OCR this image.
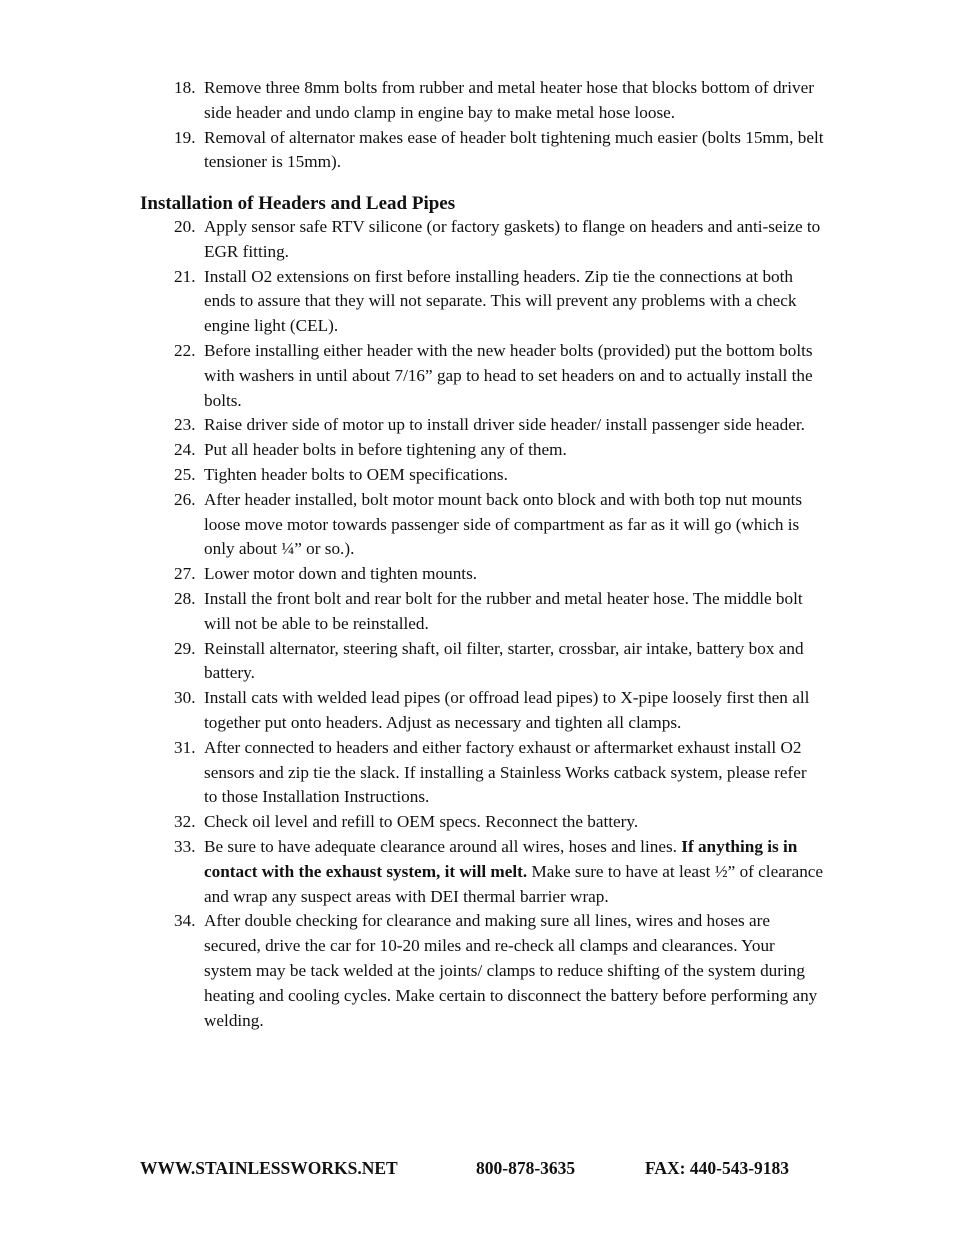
18. Remove three 8mm bolts from rubber and metal heater hose that blocks bottom of driver side header and undo clamp in engine bay to make metal hose loose.
19. Removal of alternator makes ease of header bolt tightening much easier (bolts 15mm, belt tensioner is 15mm).
Installation of Headers and Lead Pipes
20. Apply sensor safe RTV silicone (or factory gaskets) to flange on headers and anti-seize to EGR fitting.
21. Install O2 extensions on first before installing headers. Zip tie the connections at both ends to assure that they will not separate. This will prevent any problems with a check engine light (CEL).
22. Before installing either header with the new header bolts (provided) put the bottom bolts with washers in until about 7/16” gap to head to set headers on and to actually install the bolts.
23. Raise driver side of motor up to install driver side header/ install passenger side header.
24. Put all header bolts in before tightening any of them.
25. Tighten header bolts to OEM specifications.
26. After header installed, bolt motor mount back onto block and with both top nut mounts loose move motor towards passenger side of compartment as far as it will go (which is only about ¼” or so.).
27. Lower motor down and tighten mounts.
28. Install the front bolt and rear bolt for the rubber and metal heater hose. The middle bolt will not be able to be reinstalled.
29. Reinstall alternator, steering shaft, oil filter, starter, crossbar, air intake, battery box and battery.
30. Install cats with welded lead pipes (or offroad lead pipes) to X-pipe loosely first then all together put onto headers. Adjust as necessary and tighten all clamps.
31. After connected to headers and either factory exhaust or aftermarket exhaust install O2 sensors and zip tie the slack. If installing a Stainless Works catback system, please refer to those Installation Instructions.
32. Check oil level and refill to OEM specs. Reconnect the battery.
33. Be sure to have adequate clearance around all wires, hoses and lines. If anything is in contact with the exhaust system, it will melt. Make sure to have at least ½” of clearance and wrap any suspect areas with DEI thermal barrier wrap.
34. After double checking for clearance and making sure all lines, wires and hoses are secured, drive the car for 10-20 miles and re-check all clamps and clearances. Your system may be tack welded at the joints/ clamps to reduce shifting of the system during heating and cooling cycles. Make certain to disconnect the battery before performing any welding.
WWW.STAINLESSWORKS.NET	800-878-3635	FAX: 440-543-9183
